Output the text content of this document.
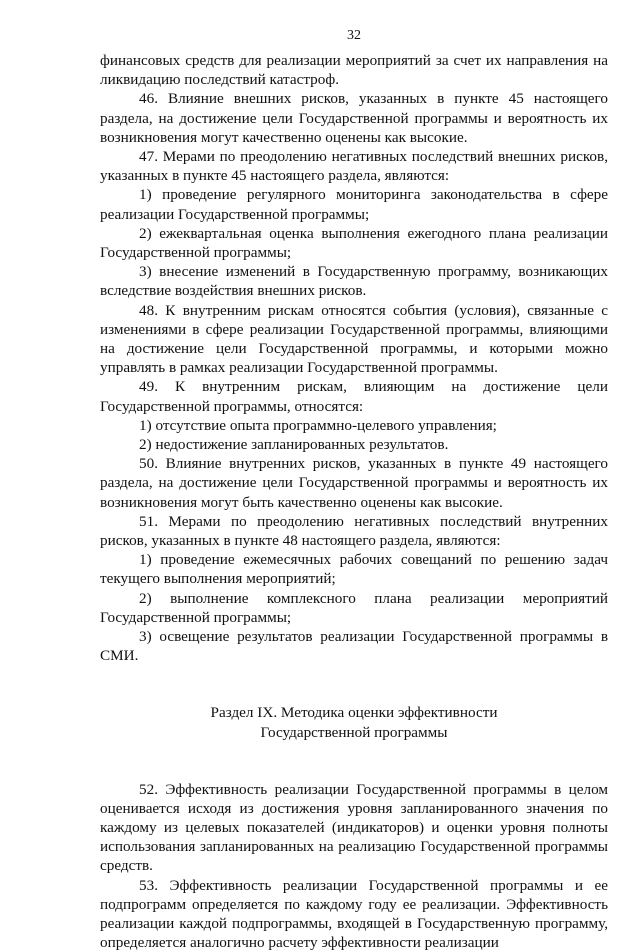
32

финансовых средств для реализации мероприятий за счет их направления на ликвидацию последствий катастроф.

46. Влияние внешних рисков, указанных в пункте 45 настоящего раздела, на достижение цели Государственной программы и вероятность их возникновения могут качественно оценены как высокие.

47. Мерами по преодолению негативных последствий внешних рисков, указанных в пункте 45 настоящего раздела, являются:

1) проведение регулярного мониторинга законодательства в сфере реализации Государственной программы;

2) ежеквартальная оценка выполнения ежегодного плана реализации Государственной программы;

3) внесение изменений в Государственную программу, возникающих вследствие воздействия внешних рисков.

48. К внутренним рискам относятся события (условия), связанные с изменениями в сфере реализации Государственной программы, влияющими на достижение цели Государственной программы, и которыми можно управлять в рамках реализации Государственной программы.

49. К внутренним рискам, влияющим на достижение цели Государственной программы, относятся:

1) отсутствие опыта программно-целевого управления;

2) недостижение запланированных результатов.

50. Влияние внутренних рисков, указанных в пункте 49 настоящего раздела, на достижение цели Государственной программы и вероятность их возникновения могут быть качественно оценены как высокие.

51. Мерами по преодолению негативных последствий внутренних рисков, указанных в пункте 48 настоящего раздела, являются:

1) проведение ежемесячных рабочих совещаний по решению задач текущего выполнения мероприятий;

2) выполнение комплексного плана реализации мероприятий Государственной программы;

3) освещение результатов реализации Государственной программы в СМИ.

Раздел IX. Методика оценки эффективности
Государственной программы

52. Эффективность реализации Государственной программы в целом оценивается исходя из достижения уровня запланированного значения по каждому из целевых показателей (индикаторов) и оценки уровня полноты использования запланированных на реализацию Государственной программы средств.

53. Эффективность реализации Государственной программы и ее подпрограмм определяется по каждому году ее реализации. Эффективность реализации каждой подпрограммы, входящей в Государственную программу, определяется аналогично расчету эффективности реализации
